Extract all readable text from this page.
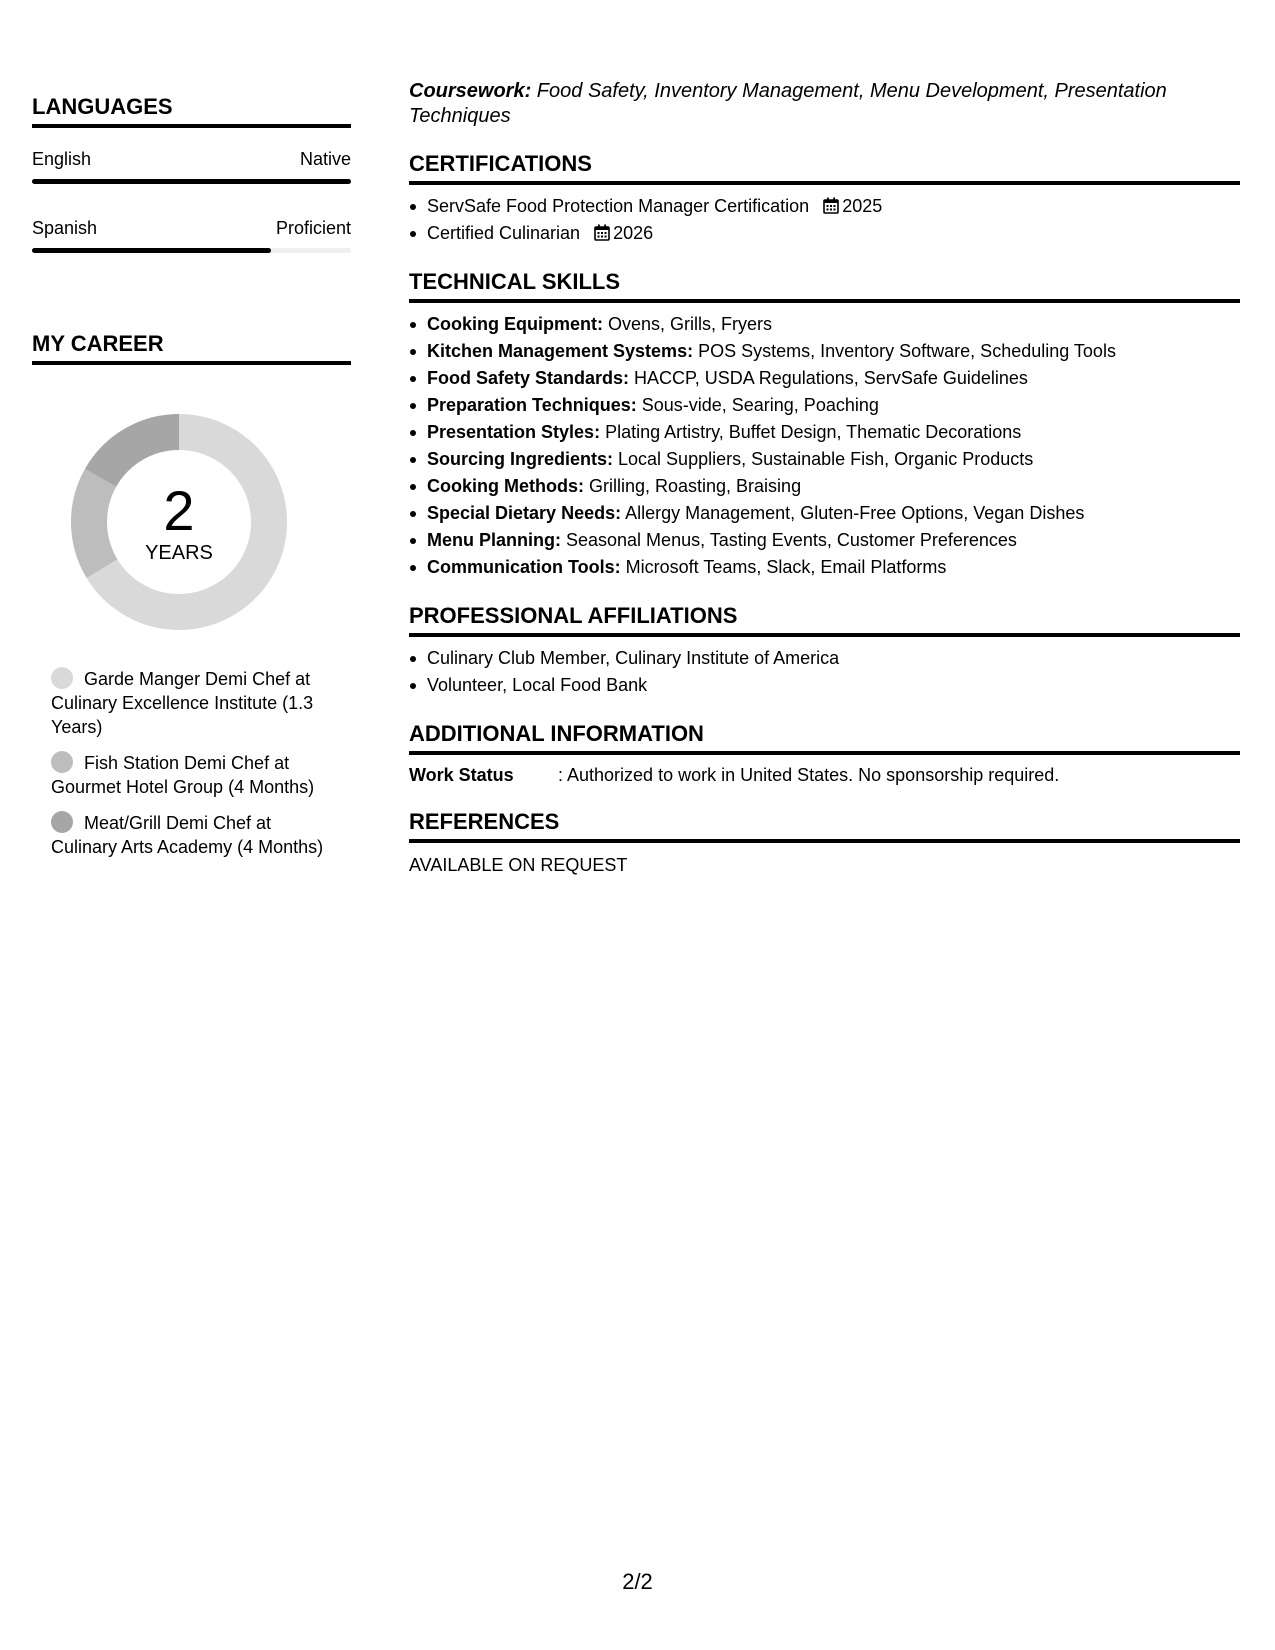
LANGUAGES
English	Native
Spanish	Proficient
MY CAREER
2
YEARS
Garde Manger Demi Chef at Culinary Excellence Institute (1.3 Years)
Fish Station Demi Chef at Gourmet Hotel Group (4 Months)
Meat/Grill Demi Chef at Culinary Arts Academy (4 Months)
Coursework: Food Safety, Inventory Management, Menu Development, Presentation Techniques
CERTIFICATIONS
ServSafe Food Protection Manager Certification 2025
Certified Culinarian 2026
TECHNICAL SKILLS
Cooking Equipment: Ovens, Grills, Fryers
Kitchen Management Systems: POS Systems, Inventory Software, Scheduling Tools
Food Safety Standards: HACCP, USDA Regulations, ServSafe Guidelines
Preparation Techniques: Sous-vide, Searing, Poaching
Presentation Styles: Plating Artistry, Buffet Design, Thematic Decorations
Sourcing Ingredients: Local Suppliers, Sustainable Fish, Organic Products
Cooking Methods: Grilling, Roasting, Braising
Special Dietary Needs: Allergy Management, Gluten-Free Options, Vegan Dishes
Menu Planning: Seasonal Menus, Tasting Events, Customer Preferences
Communication Tools: Microsoft Teams, Slack, Email Platforms
PROFESSIONAL AFFILIATIONS
Culinary Club Member, Culinary Institute of America
Volunteer, Local Food Bank
ADDITIONAL INFORMATION
Work Status	: Authorized to work in United States. No sponsorship required.
REFERENCES
AVAILABLE ON REQUEST
2/2
